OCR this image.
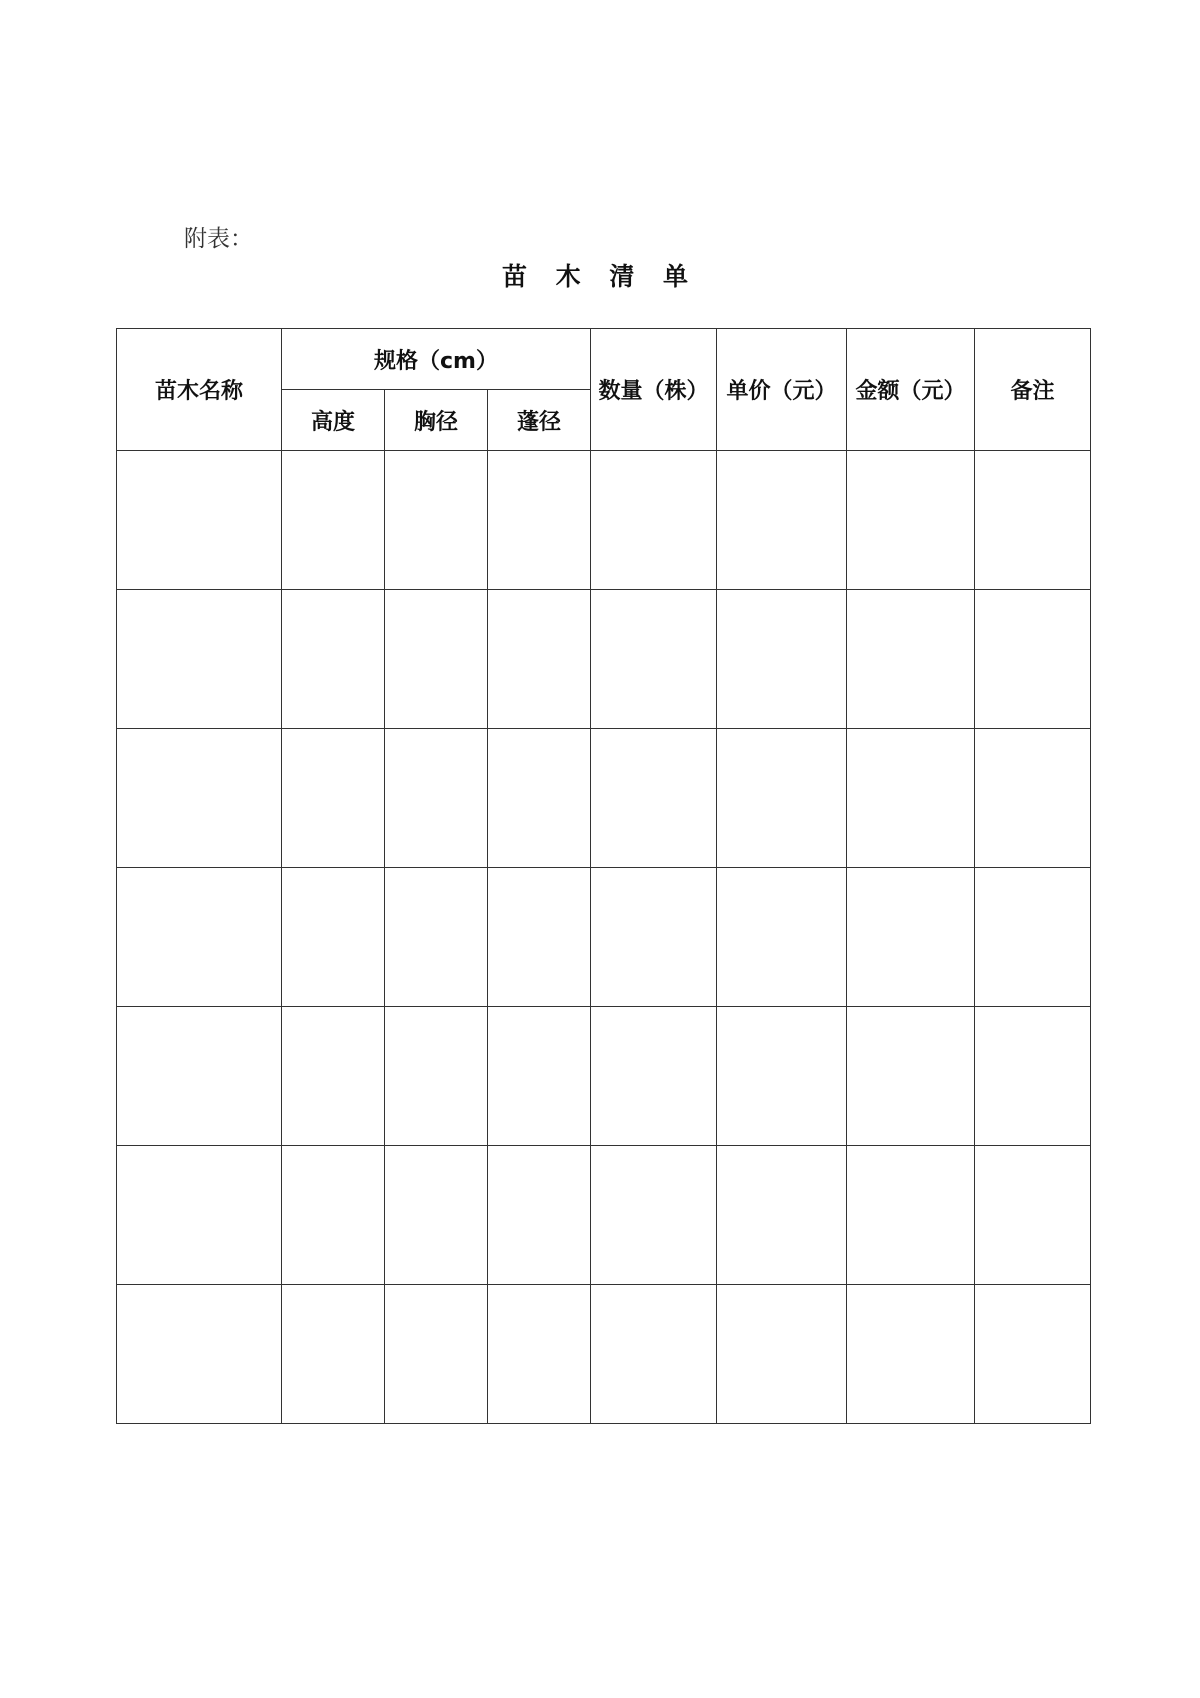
附表：
苗 木 清 单
苗木名称	规格（cm）			数量（株）	单价（元）	金额（元）	备注
	高度	胸径	蓬径				
